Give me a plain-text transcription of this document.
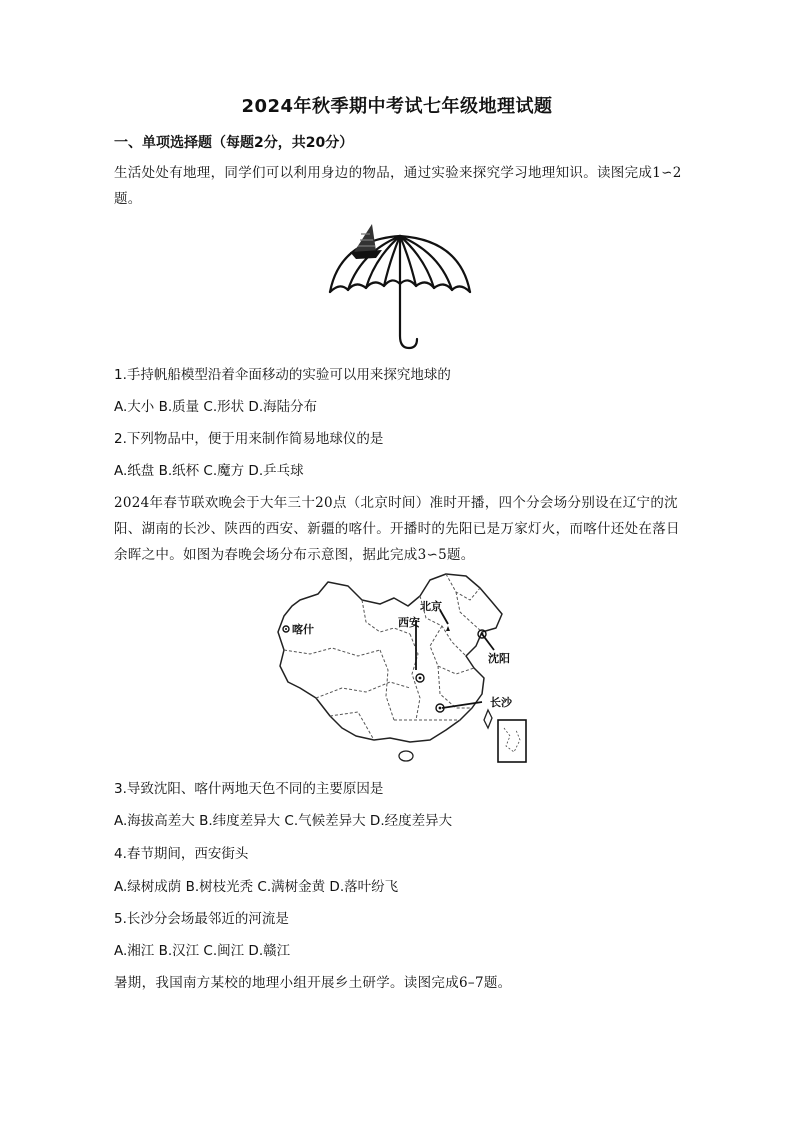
2024年秋季期中考试七年级地理试题
一、单项选择题（每题2分，共20分）
生活处处有地理，同学们可以利用身边的物品，通过实验来探究学习地理知识。读图完成1∽2题。
1.手持帆船模型沿着伞面移动的实验可以用来探究地球的
A.大小 B.质量 C.形状 D.海陆分布
2.下列物品中，便于用来制作简易地球仪的是
A.纸盘 B.纸杯 C.魔方 D.乒乓球
2024年春节联欢晚会于大年三十20点（北京时间）准时开播，四个分会场分别设在辽宁的沈阳、湖南的长沙、陕西的西安、新疆的喀什。开播时的先阳已是万家灯火，而喀什还处在落日余晖之中。如图为春晚会场分布示意图，据此完成3∽5题。
喀什
北京
西安
沈阳
长沙
3.导致沈阳、喀什两地天色不同的主要原因是
A.海拔高差大 B.纬度差异大 C.气候差异大 D.经度差异大
4.春节期间，西安街头
A.绿树成荫 B.树枝光秃 C.满树金黄 D.落叶纷飞
5.长沙分会场最邻近的河流是
A.湘江 B.汉江 C.闽江 D.赣江
暑期，我国南方某校的地理小组开展乡土研学。读图完成6–7题。
